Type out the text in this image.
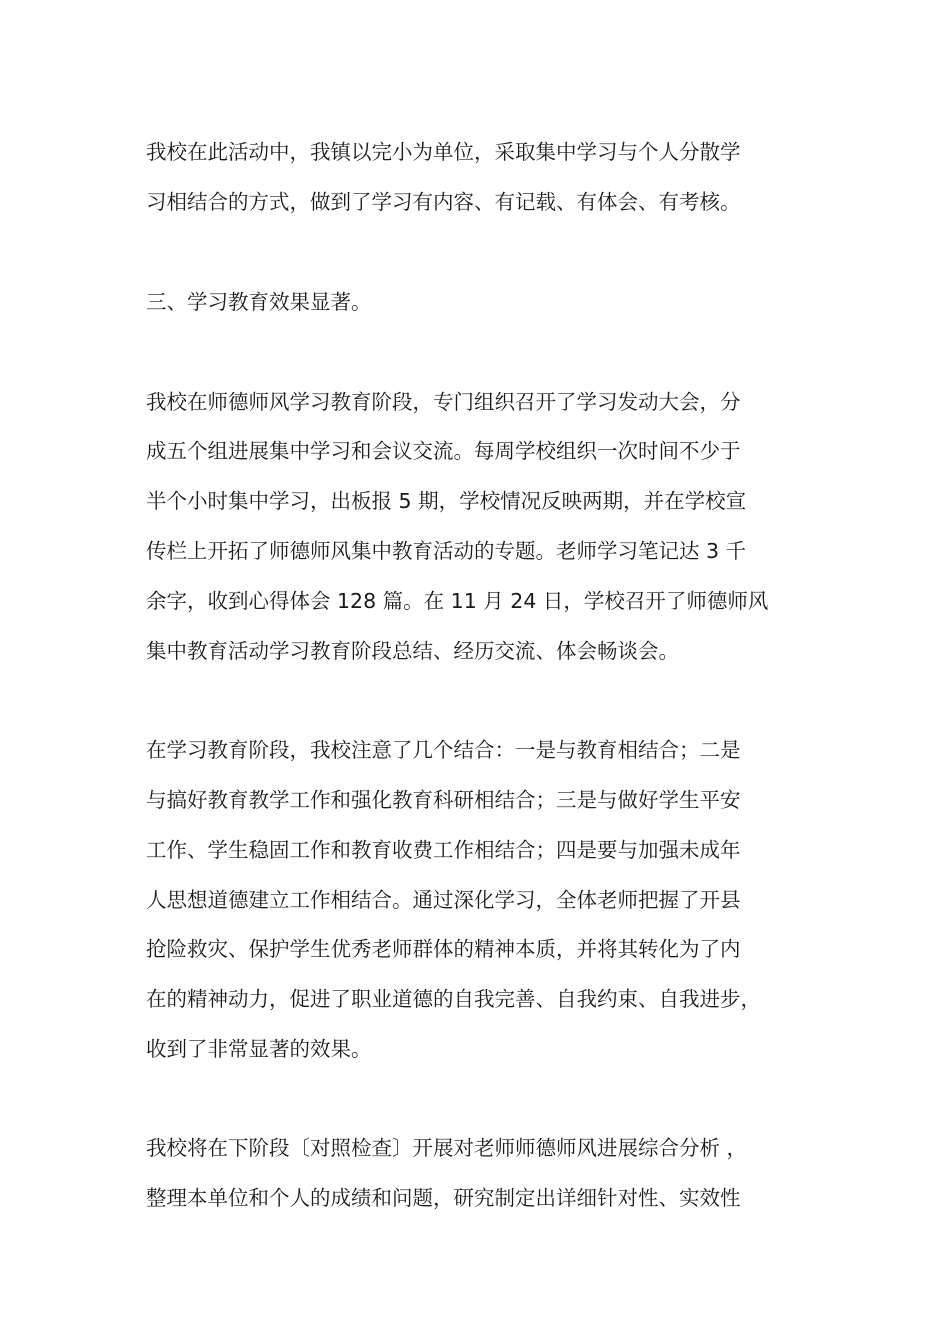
我校在此活动中，我镇以完小为单位，采取集中学习与个人分散学
习相结合的方式，做到了学习有内容、有记载、有体会、有考核。
三、学习教育效果显著。
我校在师德师风学习教育阶段，专门组织召开了学习发动大会，分
成五个组进展集中学习和会议交流。每周学校组织一次时间不少于
半个小时集中学习，出板报 5 期，学校情况反映两期，并在学校宣
传栏上开拓了师德师风集中教育活动的专题。老师学习笔记达 3 千
余字，收到心得体会 128 篇。在 11 月 24 日，学校召开了师德师风
集中教育活动学习教育阶段总结、经历交流、体会畅谈会。
在学习教育阶段，我校注意了几个结合：一是与教育相结合；二是
与搞好教育教学工作和强化教育科研相结合；三是与做好学生平安
工作、学生稳固工作和教育收费工作相结合；四是要与加强未成年
人思想道德建立工作相结合。通过深化学习，全体老师把握了开县
抢险救灾、保护学生优秀老师群体的精神本质，并将其转化为了内
在的精神动力，促进了职业道德的自我完善、自我约束、自我进步，
收到了非常显著的效果。
我校将在下阶段〔对照检查〕开展对老师师德师风进展综合分析 ，
整理本单位和个人的成绩和问题，研究制定出详细针对性、实效性
